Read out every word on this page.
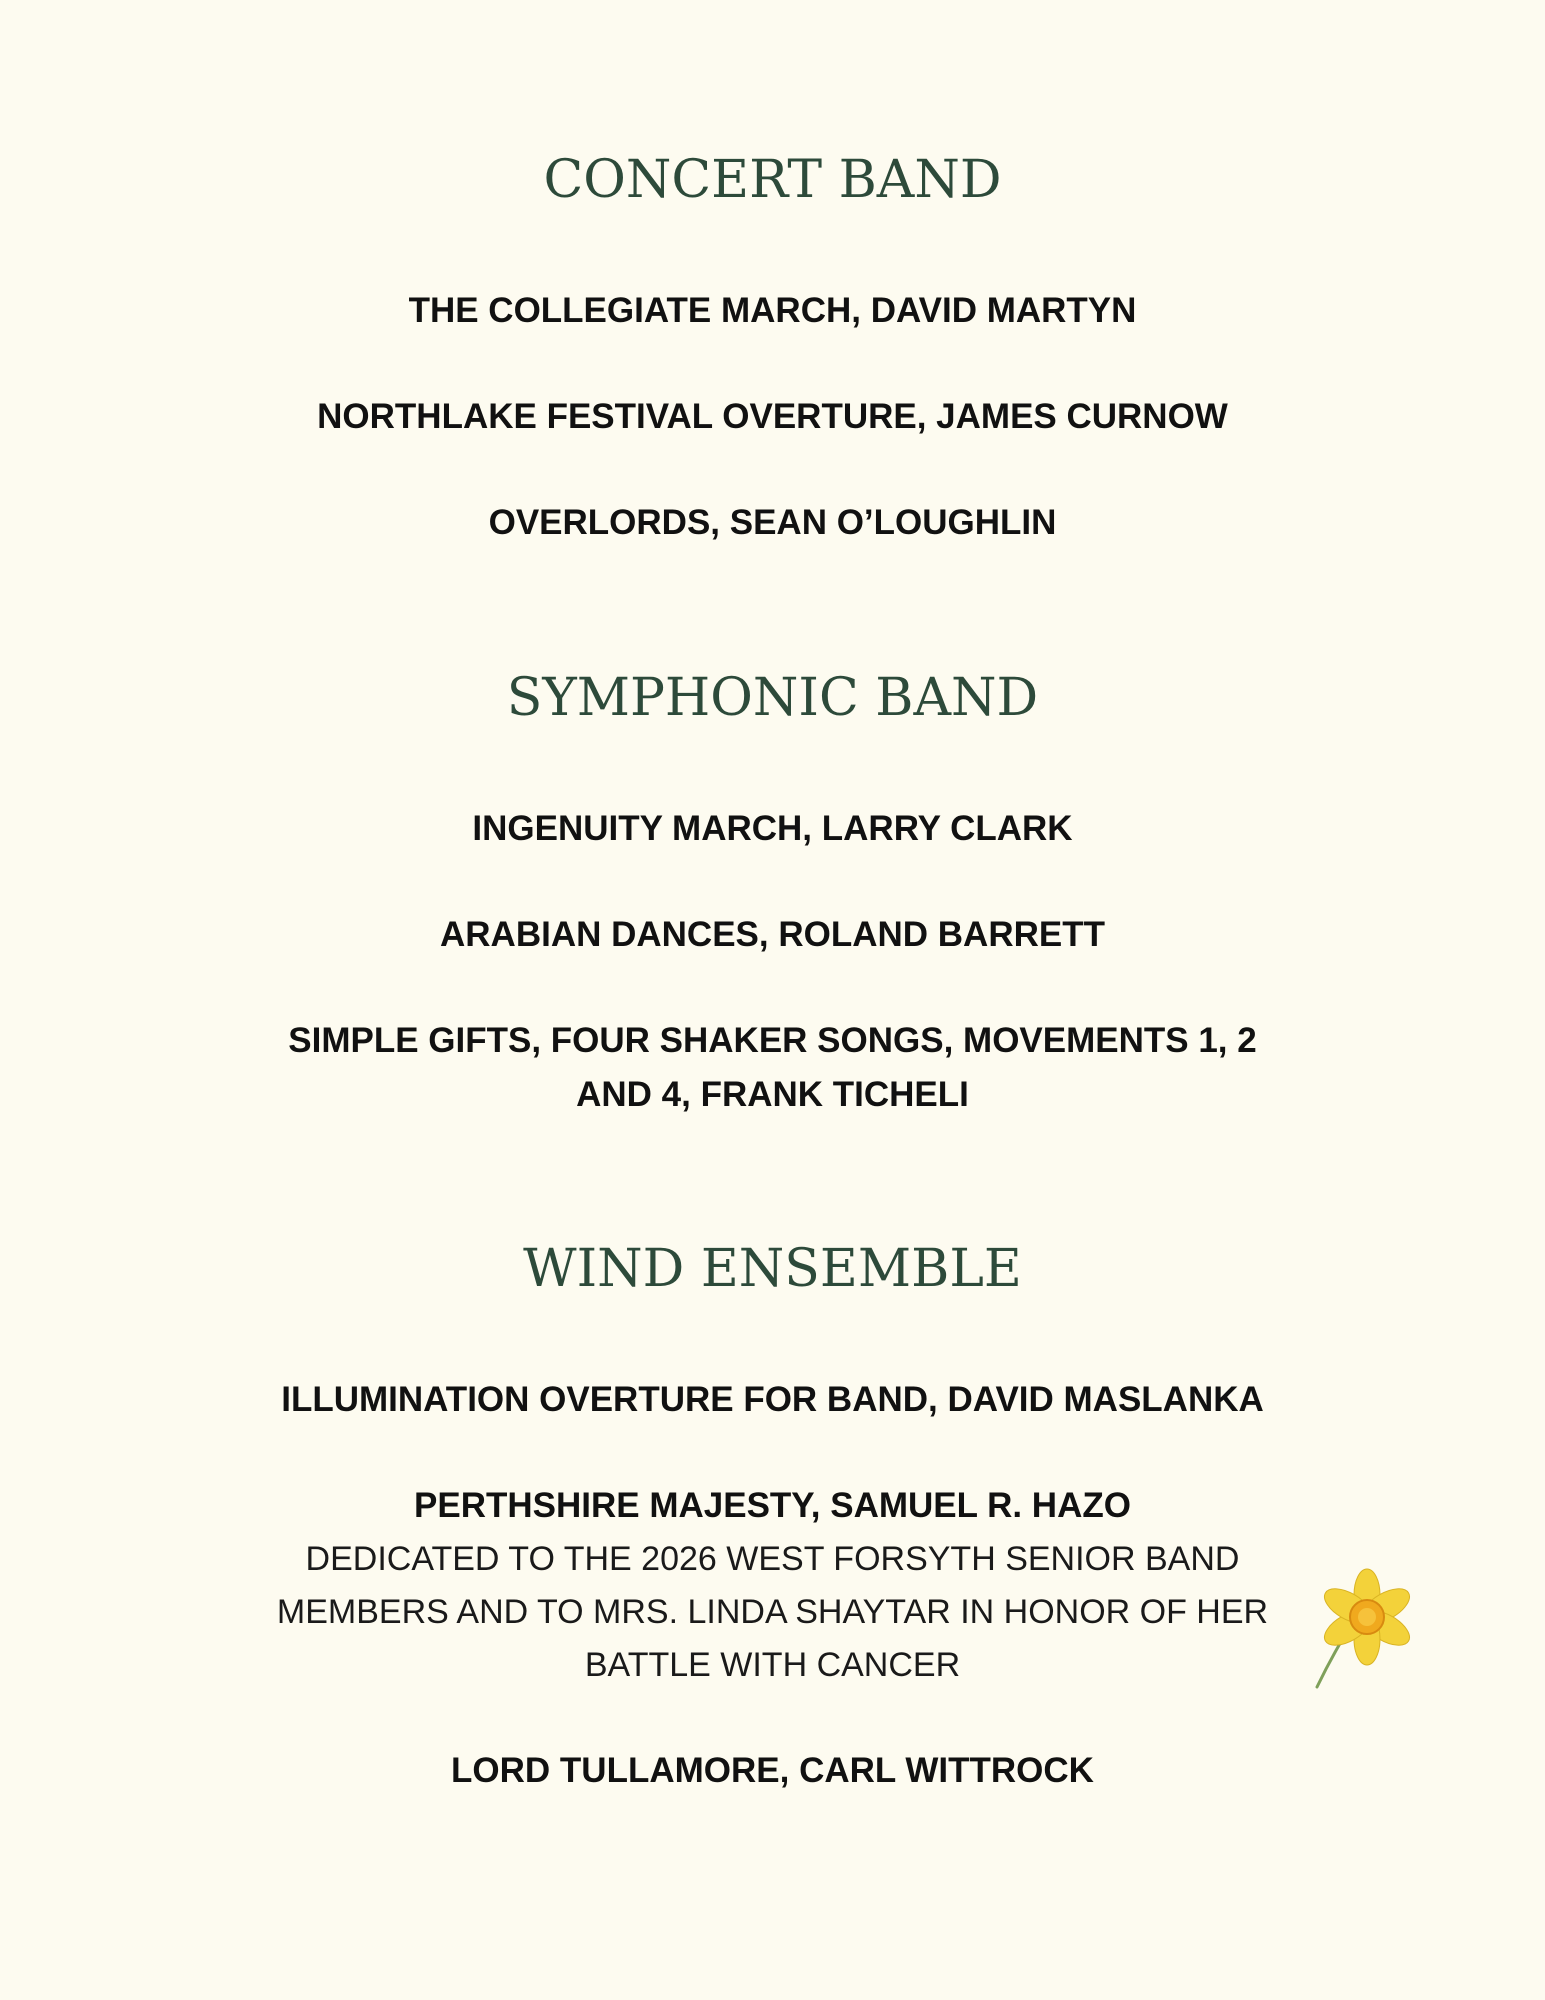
CONCERT BAND

THE COLLEGIATE MARCH, DAVID MARTYN

NORTHLAKE FESTIVAL OVERTURE, JAMES CURNOW

OVERLORDS, SEAN O’LOUGHLIN

SYMPHONIC BAND

INGENUITY MARCH, LARRY CLARK

ARABIAN DANCES, ROLAND BARRETT

SIMPLE GIFTS, FOUR SHAKER SONGS, MOVEMENTS 1, 2 AND 4, FRANK TICHELI

WIND ENSEMBLE

ILLUMINATION OVERTURE FOR BAND, DAVID MASLANKA

PERTHSHIRE MAJESTY, SAMUEL R. HAZO

DEDICATED TO THE 2026 WEST FORSYTH SENIOR BAND MEMBERS AND TO MRS. LINDA SHAYTAR IN HONOR OF HER BATTLE WITH CANCER

LORD TULLAMORE, CARL WITTROCK
